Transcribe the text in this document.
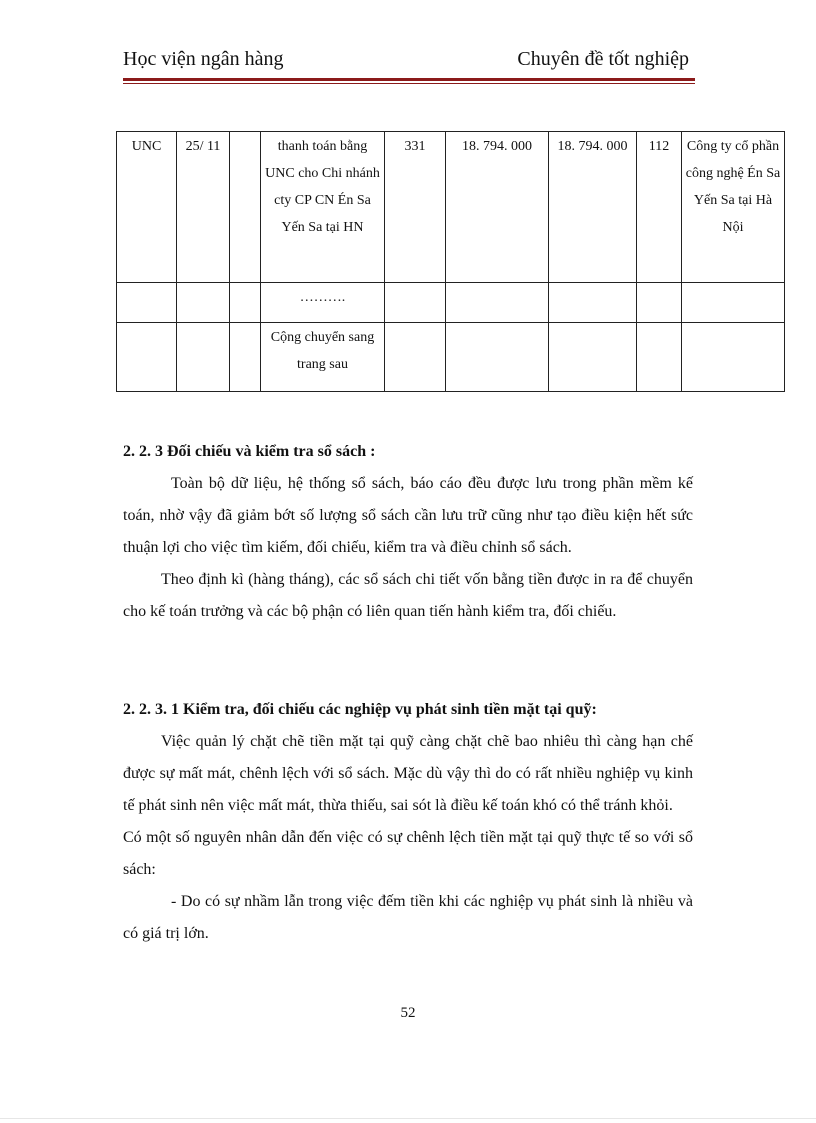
Học viện ngân hàng	Chuyên đề tốt nghiệp
UNC	25/ 11		thanh toán bằng UNC cho Chi nhánh cty CP CN Én Sa Yến Sa tại HN	331	18. 794. 000	18. 794. 000	112	Công ty cổ phần công nghệ Én Sa Yến Sa tại Hà Nội
			……….					
			Cộng chuyển sang trang sau					
2. 2. 3 Đối chiếu và kiểm tra sổ sách :
Toàn bộ dữ liệu, hệ thống sổ sách, báo cáo đều được lưu trong phần mềm kế toán, nhờ vậy đã giảm bớt số lượng sổ sách cần lưu trữ cũng như tạo điều kiện hết sức thuận lợi cho việc tìm kiếm, đối chiếu, kiểm tra và điều chỉnh sổ sách.
Theo định kì (hàng tháng), các sổ sách chi tiết vốn bằng tiền được in ra để chuyển cho kế toán trưởng và các bộ phận có liên quan tiến hành kiểm tra, đối chiếu.
2. 2. 3. 1 Kiểm tra, đối chiếu các nghiệp vụ phát sinh tiền mặt tại quỹ:
Việc quản lý chặt chẽ tiền mặt tại quỹ càng chặt chẽ bao nhiêu thì càng hạn chế được sự mất mát, chênh lệch với sổ sách. Mặc dù vậy thì do có rất nhiều nghiệp vụ kinh tế phát sinh nên việc mất mát, thừa thiếu, sai sót là điều kế toán khó có thể tránh khỏi.
Có một số nguyên nhân dẫn đến việc có sự chênh lệch tiền mặt tại quỹ thực tế so với sổ sách:
- Do có sự nhầm lẫn trong việc đếm tiền khi các nghiệp vụ phát sinh là nhiều và có giá trị lớn.
52
